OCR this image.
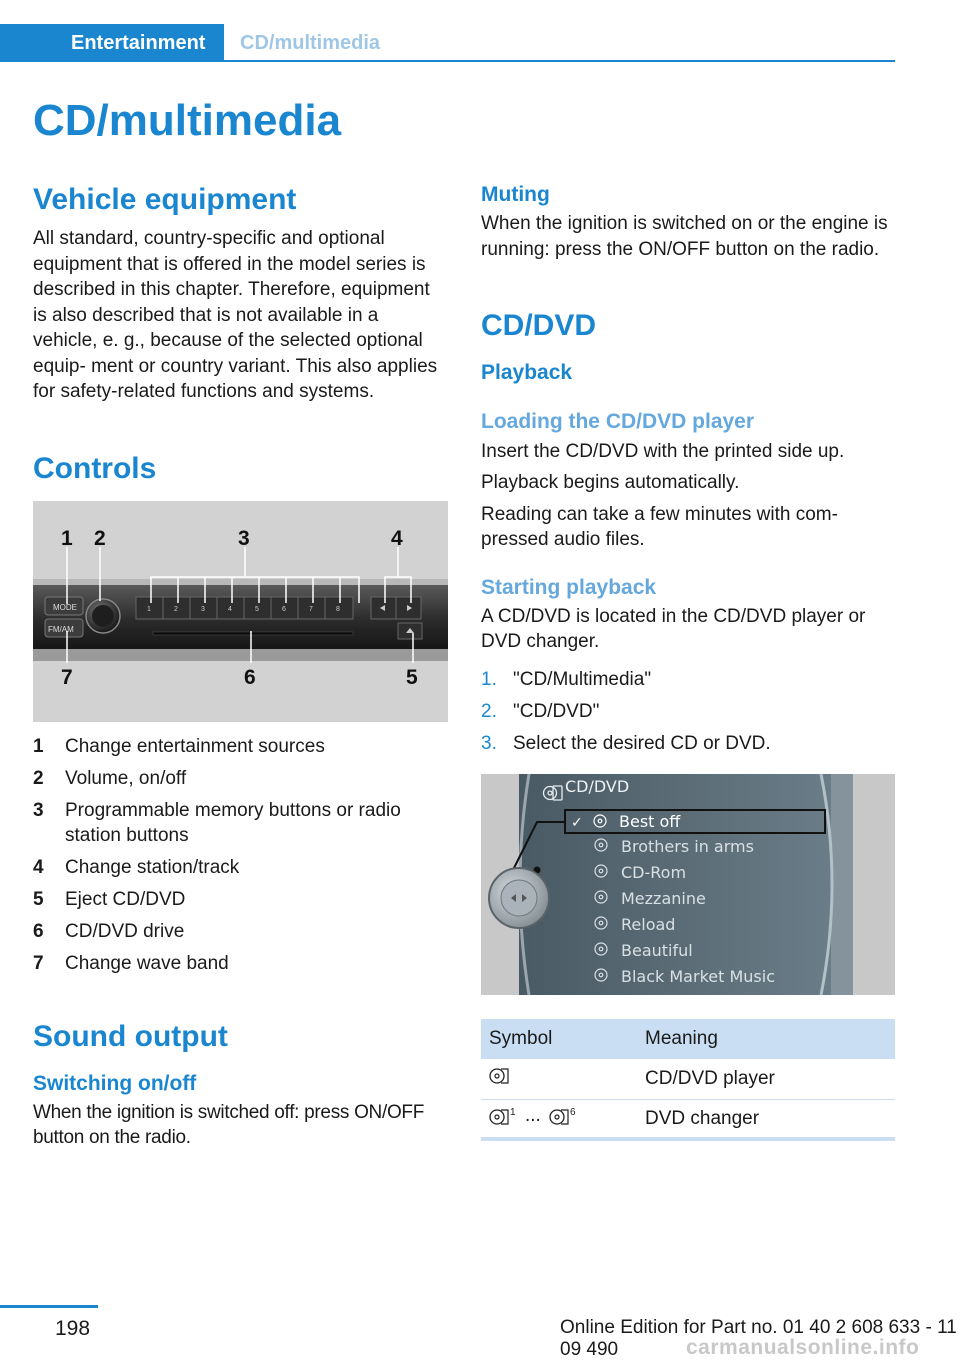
Entertainment	CD/multimedia
CD/multimedia
Vehicle equipment

All standard, country-specific and optional equipment that is offered in the model series is described in this chapter. Therefore, equipment is also described that is not available in a vehicle, e. g., because of the selected optional equip‐ ment or country variant. This also applies for safety-related functions and systems.

Controls
MODE
FM/AM
1	2	3	4	5	6	7	8
1 2	3	4
5
6
7
1	Change entertainment sources
2	Volume, on/off
3	Programmable memory buttons or radio station buttons
4	Change station/track
5	Eject CD/DVD
6	CD/DVD drive
7	Change wave band
Sound output
Switching on/off

When the ignition is switched off: press ON/OFF button on the radio.

Muting

When the ignition is switched on or the engine is running: press the ON/OFF button on the radio.

CD/DVD
Playback
Loading the CD/DVD player

Insert the CD/DVD with the printed side up.

Playback begins automatically.

Reading can take a few minutes with com‐ pressed audio files.

Starting playback

A CD/DVD is located in the CD/DVD player or DVD changer.

1. "CD/Multimedia"
2. "CD/DVD"
3. Select the desired CD or DVD.
CD/DVD
✓ Best off
Brothers in arms
CD-Rom
Mezzanine
Reload
Beautiful
Black Market Music
Symbol	Meaning
	CD/DVD player

1 ... 6	DVD changer
198	Online Edition for Part no. 01 40 2 608 633 - 11 09 490	carmanualsonline.info
